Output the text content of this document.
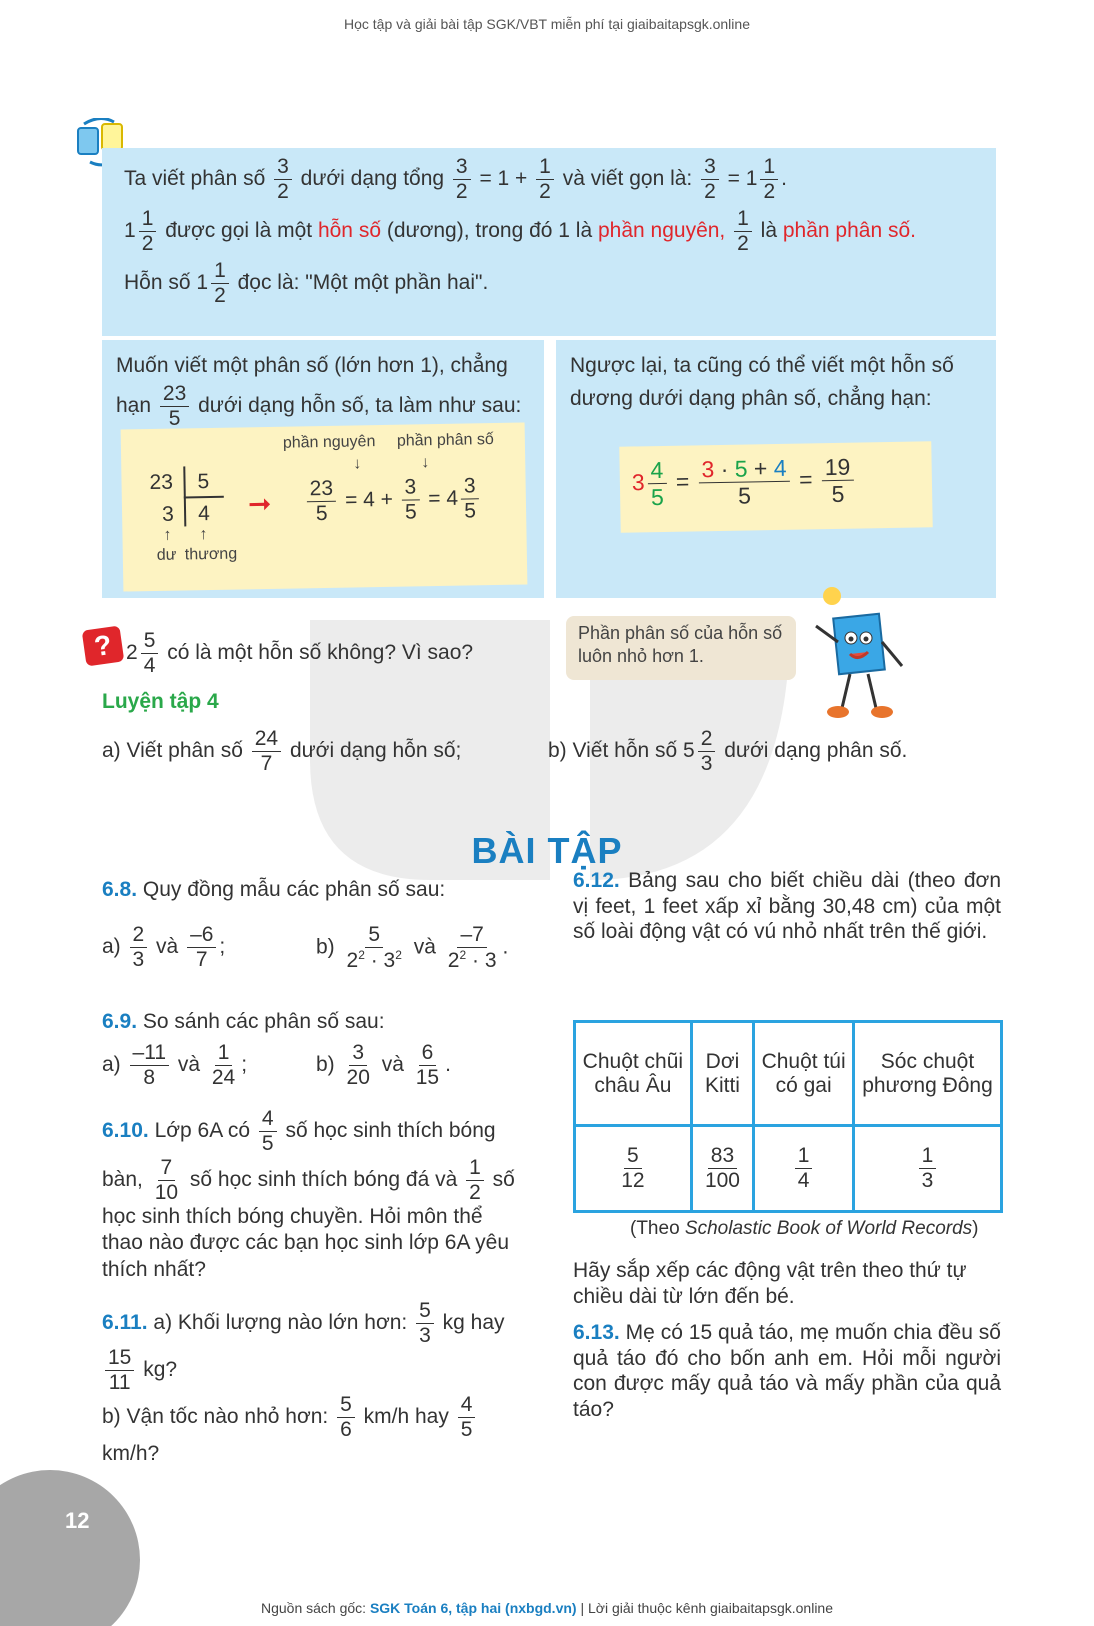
Học tập và giải bài tập SGK/VBT miễn phí tại giaibaitapsgk.online
Ta viết phân số $\frac{3}{2}$ dưới dạng tổng $\frac{3}{2} = 1 + \frac{1}{2}$ và viết gọn là: $\frac{3}{2} = 1 \frac{1}{2}$ .
$1 \frac{1}{2}$ được gọi là một hỗn số (dương), trong đó 1 là phần nguyên, $\frac{1}{2}$ là phần phân số.
Hỗn số $1 \frac{1}{2}$ đọc là: "Một một phần hai".

Muốn viết một phân số (lớn hơn 1), chẳng
hạn $\frac{23}{5}$ dưới dạng hỗn số, ta làm như sau:

phần nguyên phần phân số
↓	↓
23 5
3 4
↑ ↑
dư thương
➞ $\frac{23}{5} = 4 + \frac{3}{5} = 4 \frac{3}{5}$

Ngược lại, ta cũng có thể viết một hỗn số dương dưới dạng phân số, chẳng hạn:

$3 \frac{4}{5} = \frac{3 \cdot 5 + 4}{5} = \frac{19}{5}$
? $2 \frac{5}{4}$ có là một hỗn số không? Vì sao?
Phần phân số của hỗn số luôn nhỏ hơn 1.
Luyện tập 4
a) Viết phân số $\frac{24}{7}$ dưới dạng hỗn số;	b) Viết hỗn số $5 \frac{2}{3}$ dưới dạng phân số.
BÀI TẬP
6.8. Quy đồng mẫu các phân số sau:
$a) \frac{2}{3}$ và $\frac{-6}{7}$ ;	$b) \frac{5}{2^2 \cdot 3^2}$ và $\frac{-7}{2^2 \cdot 3}$ .
6.9. So sánh các phân số sau:
$a) \frac{-11}{8}$ và $\frac{1}{24}$ ;	$b) \frac{3}{20}$ và $\frac{6}{15}$ .
6.10. Lớp 6A có $\frac{4}{5}$ số học sinh thích bóng
bàn, $\frac{7}{10}$ số học sinh thích bóng đá và $\frac{1}{2}$ số
học sinh thích bóng chuyền. Hỏi môn thể thao nào được các bạn học sinh lớp 6A yêu thích nhất?
6.11. a) Khối lượng nào lớn hơn: $\frac{5}{3}$ kg hay
$\frac{15}{11}$ kg?
b) Vận tốc nào nhỏ hơn: $\frac{5}{6} km/h$ hay $\frac{4}{5}$
km/h?
6.12. Bảng sau cho biết chiều dài (theo đơn vị feet, 1 feet xấp xỉ bằng 30,48 cm) của một số loài động vật có vú nhỏ nhất trên thế giới.
Chuột chũi châu Âu	Dơi Kitti	Chuột túi có gai	Sóc chuột phương Đông

$\frac{5}{12}$	$\frac{83}{100}$	$\frac{1}{4}$	$\frac{1}{3}$
(Theo Scholastic Book of World Records)
Hãy sắp xếp các động vật trên theo thứ tự chiều dài từ lớn đến bé.
6.13. Mẹ có 15 quả táo, mẹ muốn chia đều số quả táo đó cho bốn anh em. Hỏi mỗi người con được mấy quả táo và mấy phần của quả táo?
12
Nguồn sách gốc: SGK Toán 6, tập hai (nxbgd.vn) | Lời giải thuộc kênh giaibaitapsgk.online
